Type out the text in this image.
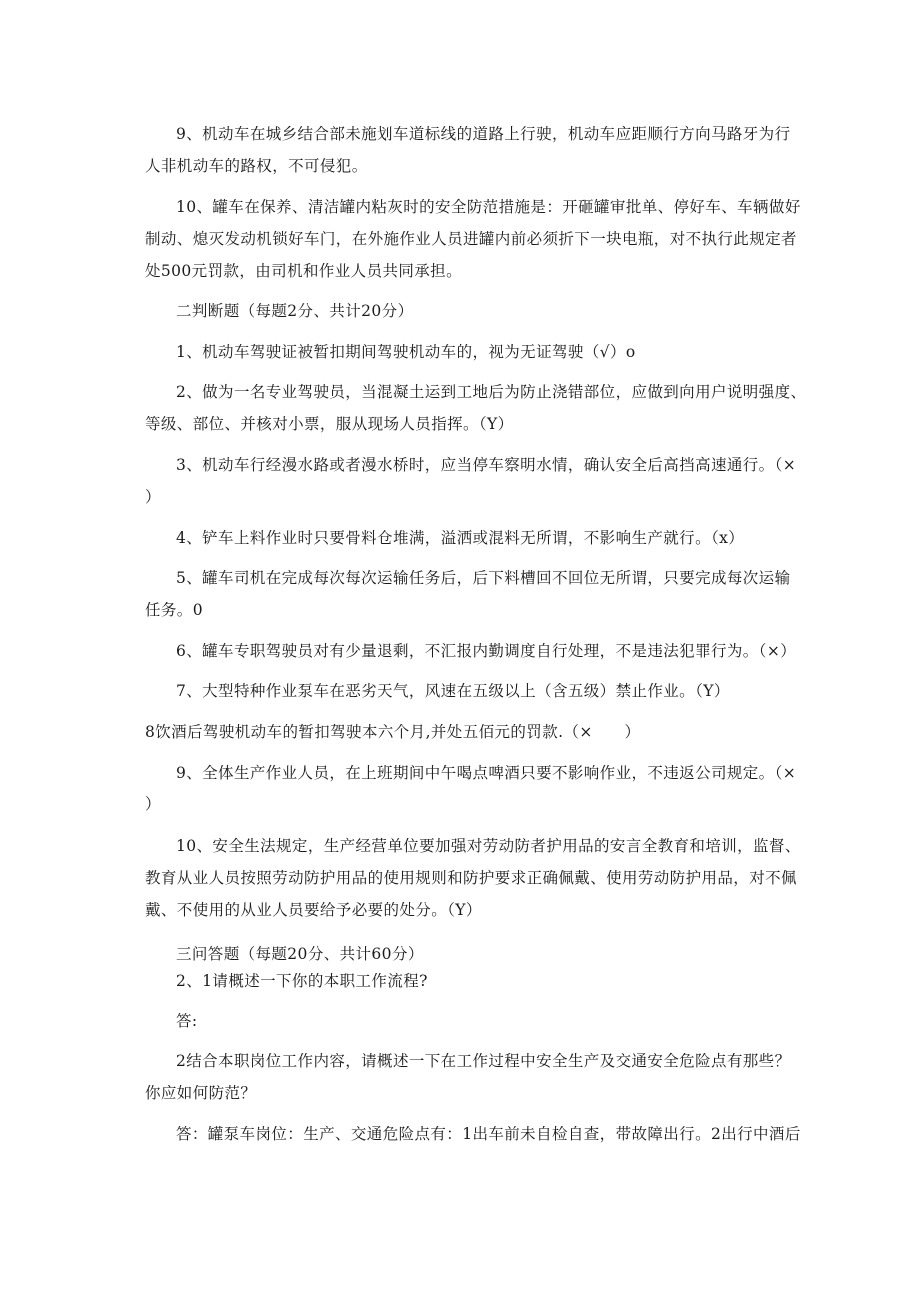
9、机动车在城乡结合部未施划车道标线的道路上行驶，机动车应距顺行方向马路牙为行
人非机动车的路权，不可侵犯。
10、罐车在保养、清洁罐内粘灰时的安全防范措施是：开砸罐审批单、停好车、车辆做好
制动、熄灭发动机锁好车门，在外施作业人员进罐内前必须折下一块电瓶，对不执行此规定者
处500元罚款，由司机和作业人员共同承担。
二判断题（每题2分、共计20分）
1、机动车驾驶证被暂扣期间驾驶机动车的，视为无证驾驶（√）o
2、做为一名专业驾驶员，当混凝土运到工地后为防止浇错部位，应做到向用户说明强度、
等级、部位、并核对小票，服从现场人员指挥。（Y）
3、机动车行经漫水路或者漫水桥时，应当停车察明水情，确认安全后高挡高速通行。（×
）
4、铲车上料作业时只要骨料仓堆满，溢洒或混料无所谓，不影响生产就行。（x）
5、罐车司机在完成每次每次运输任务后，后下料槽回不回位无所谓，只要完成每次运输
任务。0
6、罐车专职驾驶员对有少量退剩，不汇报内勤调度自行处理，不是违法犯罪行为。（×）
7、大型特种作业泵车在恶劣天气，风速在五级以上（含五级）禁止作业。（Y）
8饮酒后驾驶机动车的暂扣驾驶本六个月,并处五佰元的罚款.（×　　）
9、全体生产作业人员，在上班期间中午喝点啤酒只要不影响作业，不违返公司规定。（×
）
10、安全生法规定，生产经营单位要加强对劳动防者护用品的安言全教育和培训，监督、
教育从业人员按照劳动防护用品的使用规则和防护要求正确佩戴、使用劳动防护用品，对不佩
戴、不使用的从业人员要给予必要的处分。（Y）
三问答题（每题20分、共计60分）
2、1请概述一下你的本职工作流程?
答:
2结合本职岗位工作内容，请概述一下在工作过程中安全生产及交通安全危险点有那些？
你应如何防范？
答：罐泵车岗位：生产、交通危险点有：1出车前未自检自查，带故障出行。2出行中酒后
